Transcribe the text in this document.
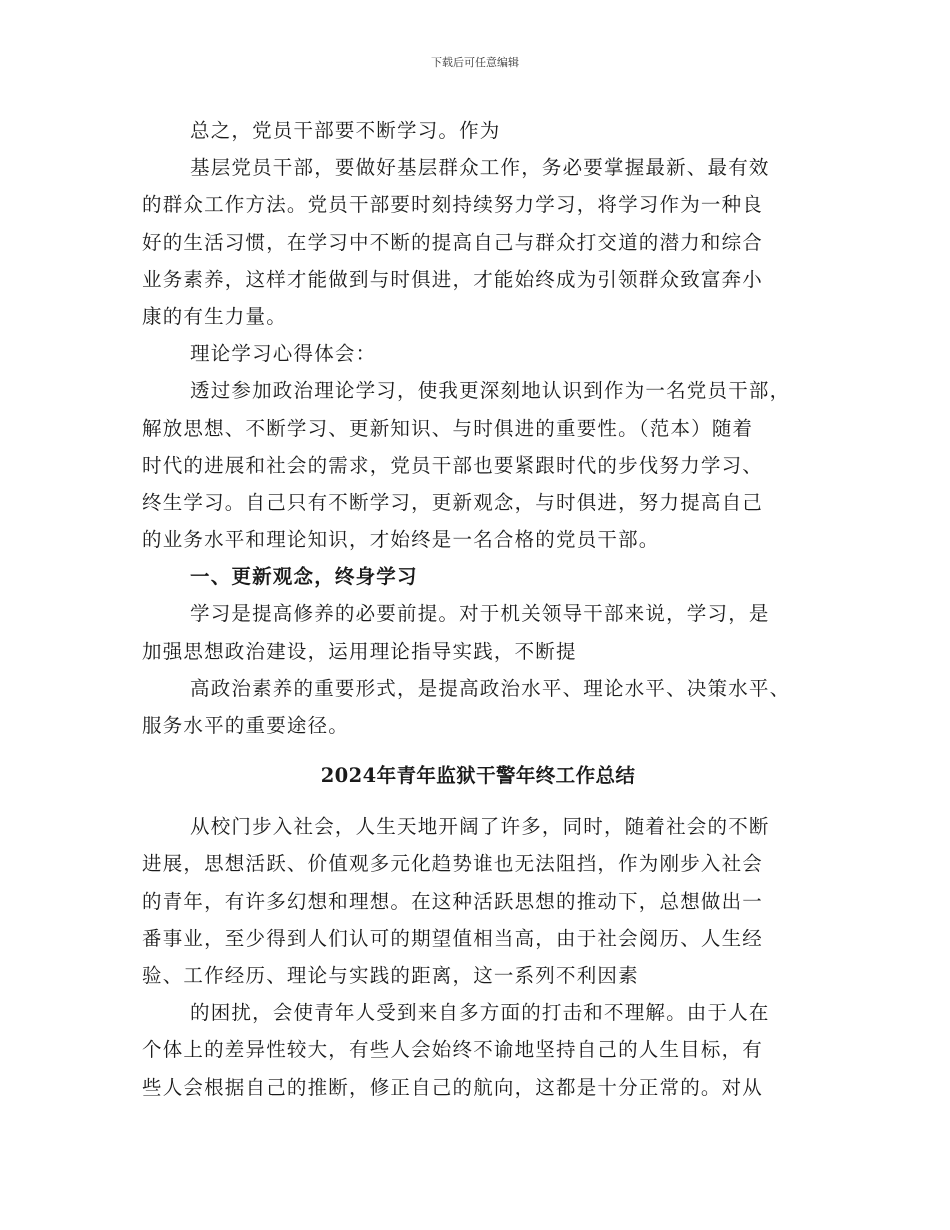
下载后可任意编辑
总之，党员干部要不断学习。作为
基层党员干部，要做好基层群众工作，务必要掌握最新、最有效
的群众工作方法。党员干部要时刻持续努力学习，将学习作为一种良
好的生活习惯，在学习中不断的提高自己与群众打交道的潜力和综合
业务素养，这样才能做到与时俱进，才能始终成为引领群众致富奔小
康的有生力量。
理论学习心得体会：
透过参加政治理论学习，使我更深刻地认识到作为一名党员干部，
解放思想、不断学习、更新知识、与时俱进的重要性。（范本）随着
时代的进展和社会的需求，党员干部也要紧跟时代的步伐努力学习、
终生学习。自己只有不断学习，更新观念，与时俱进，努力提高自己
的业务水平和理论知识，才始终是一名合格的党员干部。
一、更新观念，终身学习
学习是提高修养的必要前提。对于机关领导干部来说，学习，是
加强思想政治建设，运用理论指导实践，不断提
高政治素养的重要形式，是提高政治水平、理论水平、决策水平、
服务水平的重要途径。
2024年青年监狱干警年终工作总结
从校门步入社会，人生天地开阔了许多，同时，随着社会的不断
进展，思想活跃、价值观多元化趋势谁也无法阻挡，作为刚步入社会
的青年，有许多幻想和理想。在这种活跃思想的推动下，总想做出一
番事业，至少得到人们认可的期望值相当高，由于社会阅历、人生经
验、工作经历、理论与实践的距离，这一系列不利因素
的困扰，会使青年人受到来自多方面的打击和不理解。由于人在
个体上的差异性较大，有些人会始终不谕地坚持自己的人生目标，有
些人会根据自己的推断，修正自己的航向，这都是十分正常的。对从
